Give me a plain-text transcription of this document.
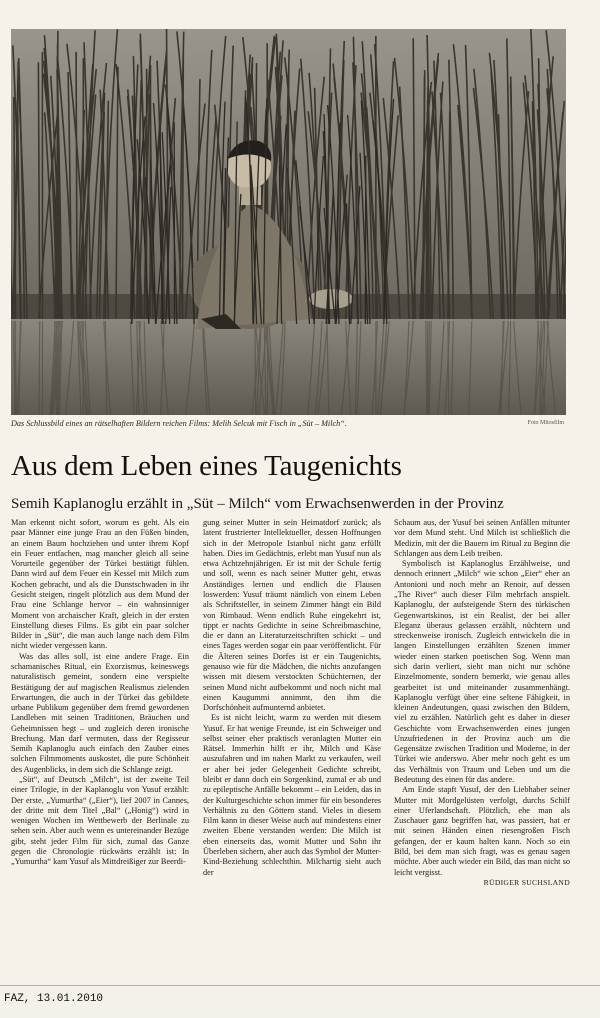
Das Schlussbild eines an rätselhaften Bildern reichen Films: Melih Selcuk mit Fisch in „Süt – Milch“.	Foto Mitosfilm
Aus dem Leben eines Taugenichts
Semih Kaplanoglu erzählt in „Süt – Milch“ vom Erwachsenwerden in der Provinz

Man erkennt nicht sofort, worum es geht. Als ein paar Männer eine junge Frau an den Füßen binden, an einem Baum hochziehen und unter ihrem Kopf ein Feuer entfachen, mag mancher gleich all seine Vorurteile gegenüber der Türkei bestätigt fühlen. Dann wird auf dem Feuer ein Kessel mit Milch zum Kochen gebracht, und als die Dunstschwaden in ihr Gesicht steigen, ringelt plötzlich aus dem Mund der Frau eine Schlange hervor – ein wahnsinniger Moment von archaischer Kraft, gleich in der ersten Einstellung dieses Films. Es gibt ein paar solcher Bilder in „Süt“, die man auch lange nach dem Film nicht wieder vergessen kann.

Was das alles soll, ist eine andere Frage. Ein schamanisches Ritual, ein Exorzismus, keineswegs naturalistisch gemeint, sondern eine verspielte Bestätigung der auf magischen Realismus zielenden Erwartungen, die auch in der Türkei das gebildete urbane Publikum gegenüber dem fremd gewordenen Landleben mit seinen Traditionen, Bräuchen und Geheimnissen hegt – und zugleich deren ironische Brechung. Man darf vermuten, dass der Regisseur Semih Kaplanoglu auch einfach den Zauber eines solchen Filmmoments auskostet, die pure Schönheit des Augenblicks, in dem sich die Schlange zeigt.

„Süt“, auf Deutsch „Milch“, ist der zweite Teil einer Trilogie, in der Kaplanoglu von Yusuf erzählt: Der erste, „Yumurtha“ („Eier“), lief 2007 in Cannes, der dritte mit dem Titel „Bal“ („Honig“) wird in wenigen Wochen im Wettbewerb der Berlinale zu sehen sein. Aber auch wenn es untereinander Bezüge gibt, steht jeder Film für sich, zumal das Ganze gegen die Chronologie rückwärts erzählt ist: In „Yumurtha“ kam Yusuf als Mittdreißiger zur Beerdi-

gung seiner Mutter in sein Heimatdorf zurück; als latent frustrierter Intellektueller, dessen Hoffnungen sich in der Metropole Istanbul nicht ganz erfüllt haben. Dies im Gedächtnis, erlebt man Yusuf nun als etwa Achtzehnjährigen. Er ist mit der Schule fertig und soll, wenn es nach seiner Mutter geht, etwas Anständiges lernen und endlich die Flausen loswerden: Yusuf träumt nämlich von einem Leben als Schriftsteller, in seinem Zimmer hängt ein Bild von Rimbaud. Wenn endlich Ruhe eingekehrt ist, tippt er nachts Gedichte in seine Schreibmaschine, die er dann an Literaturzeitschriften schickt – und eines Tages werden sogar ein paar veröffentlicht. Für die Älteren seines Dorfes ist er ein Taugenichts, genauso wie für die Mädchen, die nichts anzufangen wissen mit diesem verstockten Schüchternen, der seinen Mund nicht aufbekommt und noch nicht mal einen Kaugummi annimmt, den ihm die Dorfschönheit aufmunternd anbietet.

Es ist nicht leicht, warm zu werden mit diesem Yusuf. Er hat wenige Freunde, ist ein Schweiger und selbst seiner eher praktisch veranlagten Mutter ein Rätsel. Immerhin hilft er ihr, Milch und Käse auszufahren und im nahen Markt zu verkaufen, weil er aber bei jeder Gelegenheit Gedichte schreibt, bleibt er dann doch ein Sorgenkind, zumal er ab und zu epileptische Anfälle bekommt – ein Leiden, das in der Kulturgeschichte schon immer für ein besonderes Verhältnis zu den Göttern stand. Vieles in diesem Film kann in dieser Weise auch auf mindestens einer zweiten Ebene verstanden werden: Die Milch ist eben einerseits das, womit Mutter und Sohn ihr Überleben sichern, aber auch das Symbol der Mutter-Kind-Beziehung schlechthin. Milchartig sieht auch der

Schaum aus, der Yusuf bei seinen Anfällen mitunter vor dem Mund steht. Und Milch ist schließlich die Medizin, mit der die Bauern im Ritual zu Beginn die Schlangen aus dem Leib treiben.

Symbolisch ist Kaplanoglus Erzählweise, und dennoch erinnert „Milch“ wie schon „Eier“ eher an Antonioni und noch mehr an Renoir, auf dessen „The River“ auch dieser Film mehrfach anspielt. Kaplanoglu, der aufsteigende Stern des türkischen Gegenwartskinos, ist ein Realist, der bei aller Eleganz überaus gelassen erzählt, nüchtern und streckenweise ironisch. Zugleich entwickeln die in langen Einstellungen erzählten Szenen immer wieder einen starken poetischen Sog. Wenn man sich darin verliert, sieht man nicht nur schöne Einzelmomente, sondern bemerkt, wie genau alles gearbeitet ist und miteinander zusammenhängt. Kaplanoglu verfügt über eine seltene Fähigkeit, in kleinen Andeutungen, quasi zwischen den Bildern, viel zu erzählen. Natürlich geht es daher in dieser Geschichte vom Erwachsenwerden eines jungen Unzufriedenen in der Provinz auch um die Gegensätze zwischen Tradition und Moderne, in der Türkei wie anderswo. Aber mehr noch geht es um das Verhältnis von Traum und Leben und um die Bedeutung des einen für das andere.

Am Ende stapft Yusuf, der den Liebhaber seiner Mutter mit Mordgelüsten verfolgt, durchs Schilf einer Uferlandschaft. Plötzlich, ehe man als Zuschauer ganz begriffen hat, was passiert, hat er mit seinen Händen einen riesengroßen Fisch gefangen, der er kaum halten kann. Noch so ein Bild, bei dem man sich fragt, was es genau sagen möchte. Aber auch wieder ein Bild, das man nicht so leicht vergisst.

RÜDIGER SUCHSLAND

FAZ, 13.01.2010
